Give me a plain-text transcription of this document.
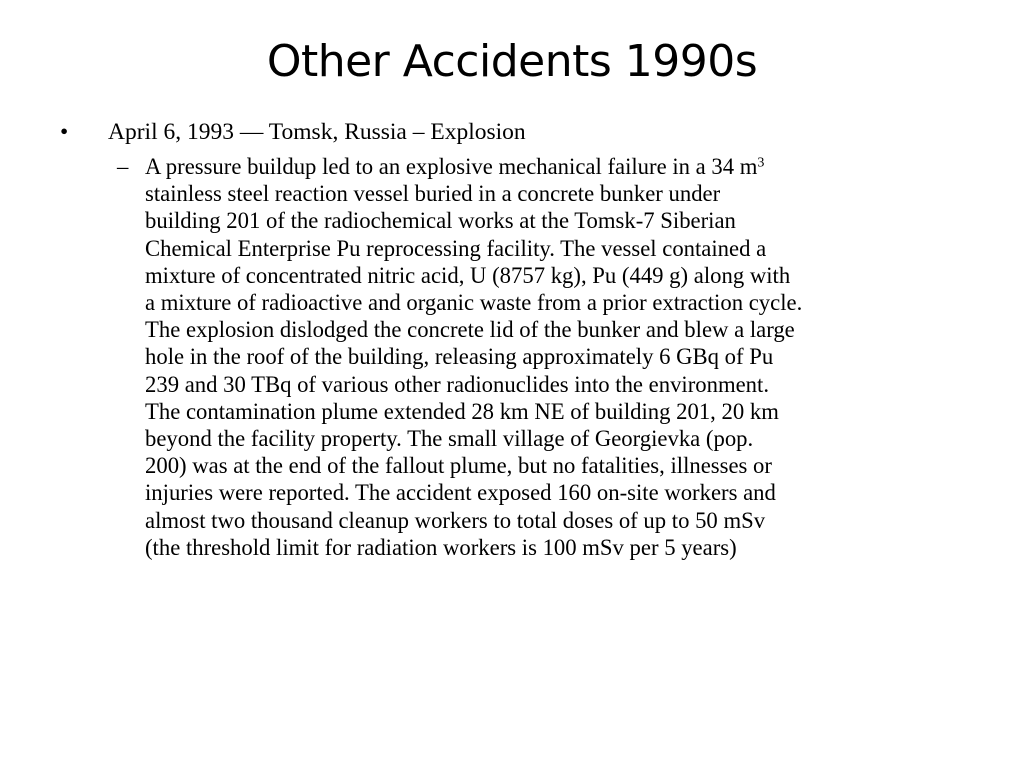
Other Accidents 1990s
•	April 6, 1993 — Tomsk, Russia – Explosion
– A pressure buildup led to an explosive mechanical failure in a 34 $m^3$
stainless steel reaction vessel buried in a concrete bunker under
building 201 of the radiochemical works at the Tomsk-7 Siberian
Chemical Enterprise Pu reprocessing facility. The vessel contained a
mixture of concentrated nitric acid, U (8757 kg), Pu (449 g) along with
a mixture of radioactive and organic waste from a prior extraction cycle.
The explosion dislodged the concrete lid of the bunker and blew a large
hole in the roof of the building, releasing approximately 6 GBq of Pu
239 and 30 TBq of various other radionuclides into the environment.
The contamination plume extended 28 km NE of building 201, 20 km
beyond the facility property. The small village of Georgievka (pop.
200) was at the end of the fallout plume, but no fatalities, illnesses or
injuries were reported. The accident exposed 160 on-site workers and
almost two thousand cleanup workers to total doses of up to 50 mSv
(the threshold limit for radiation workers is 100 mSv per 5 years)
